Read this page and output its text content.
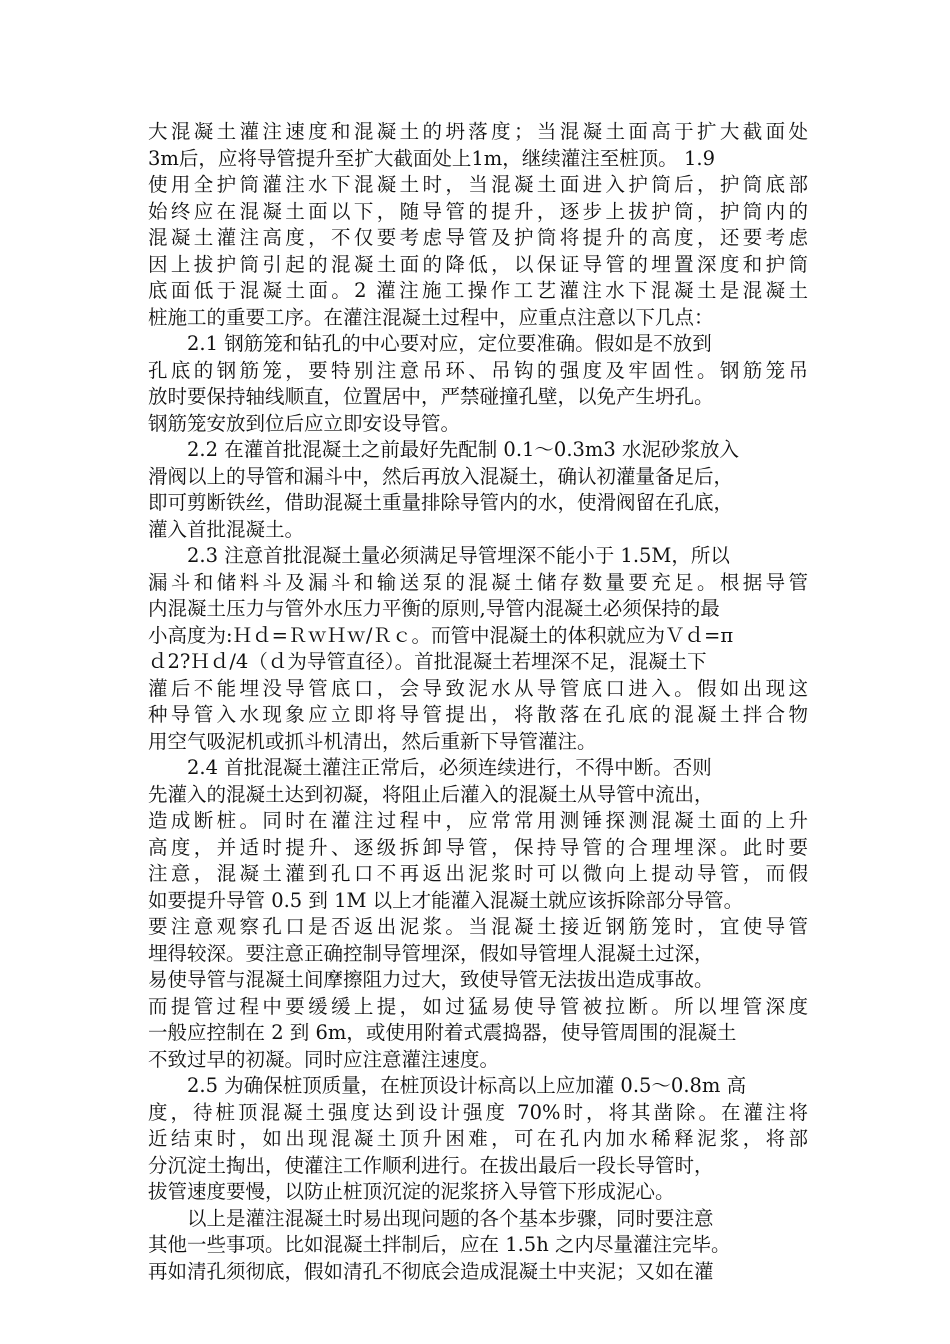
大混凝土灌注速度和混凝土的坍落度；当混凝土面高于扩大截面处
3m后，应将导管提升至扩大截面处上1m，继续灌注至桩顶。 1.9
使用全护筒灌注水下混凝土时，当混凝土面进入护筒后，护筒底部
始终应在混凝土面以下，随导管的提升，逐步上拔护筒，护筒内的
混凝土灌注高度，不仅要考虑导管及护筒将提升的高度，还要考虑
因上拔护筒引起的混凝土面的降低，以保证导管的埋置深度和护筒
底面低于混凝土面。2 灌注施工操作工艺灌注水下混凝土是混凝土
桩施工的重要工序。在灌注混凝土过程中，应重点注意以下几点：
　　2.1 钢筋笼和钻孔的中心要对应，定位要准确。假如是不放到
孔底的钢筋笼，要特别注意吊环、吊钩的强度及牢固性。钢筋笼吊
放时要保持轴线顺直，位置居中，严禁碰撞孔壁，以免产生坍孔。
钢筋笼安放到位后应立即安设导管。
　　2.2 在灌首批混凝土之前最好先配制 0.1～0.3m3 水泥砂浆放入
滑阀以上的导管和漏斗中，然后再放入混凝土，确认初灌量备足后，
即可剪断铁丝，借助混凝土重量排除导管内的水，使滑阀留在孔底，
灌入首批混凝土。
　　2.3 注意首批混凝土量必须满足导管埋深不能小于 1.5M，所以
漏斗和储料斗及漏斗和输送泵的混凝土储存数量要充足。根据导管
内混凝土压力与管外水压力平衡的原则,导管内混凝土必须保持的最
小高度为:Ｈｄ=ＲｗＨｗ/Ｒｃ。而管中混凝土的体积就应为Ｖｄ=π
ｄ2?Ｈｄ/4（ｄ为导管直径）。首批混凝土若埋深不足，混凝土下
灌后不能埋没导管底口，会导致泥水从导管底口进入。假如出现这
种导管入水现象应立即将导管提出，将散落在孔底的混凝土拌合物
用空气吸泥机或抓斗机清出，然后重新下导管灌注。
　　2.4 首批混凝土灌注正常后，必须连续进行，不得中断。否则
先灌入的混凝土达到初凝，将阻止后灌入的混凝土从导管中流出，
造成断桩。同时在灌注过程中，应常常用测锤探测混凝土面的上升
高度，并适时提升、逐级拆卸导管，保持导管的合理埋深。此时要
注意，混凝土灌到孔口不再返出泥浆时可以微向上提动导管，而假
如要提升导管 0.5 到 1M 以上才能灌入混凝土就应该拆除部分导管。
要注意观察孔口是否返出泥浆。当混凝土接近钢筋笼时，宜使导管
埋得较深。要注意正确控制导管埋深，假如导管埋人混凝土过深，
易使导管与混凝土间摩擦阻力过大，致使导管无法拔出造成事故。
而提管过程中要缓缓上提，如过猛易使导管被拉断。所以埋管深度
一般应控制在 2 到 6m，或使用附着式震捣器，使导管周围的混凝土
不致过早的初凝。同时应注意灌注速度。
　　2.5 为确保桩顶质量，在桩顶设计标高以上应加灌 0.5～0.8m 高
度，待桩顶混凝土强度达到设计强度 70%时，将其凿除。在灌注将
近结束时，如出现混凝土顶升困难，可在孔内加水稀释泥浆，将部
分沉淀土掏出，使灌注工作顺利进行。在拔出最后一段长导管时，
拔管速度要慢，以防止桩顶沉淀的泥浆挤入导管下形成泥心。
　　以上是灌注混凝土时易出现问题的各个基本步骤，同时要注意
其他一些事项。比如混凝土拌制后，应在 1.5h 之内尽量灌注完毕。
再如清孔须彻底，假如清孔不彻底会造成混凝土中夹泥；又如在灌
